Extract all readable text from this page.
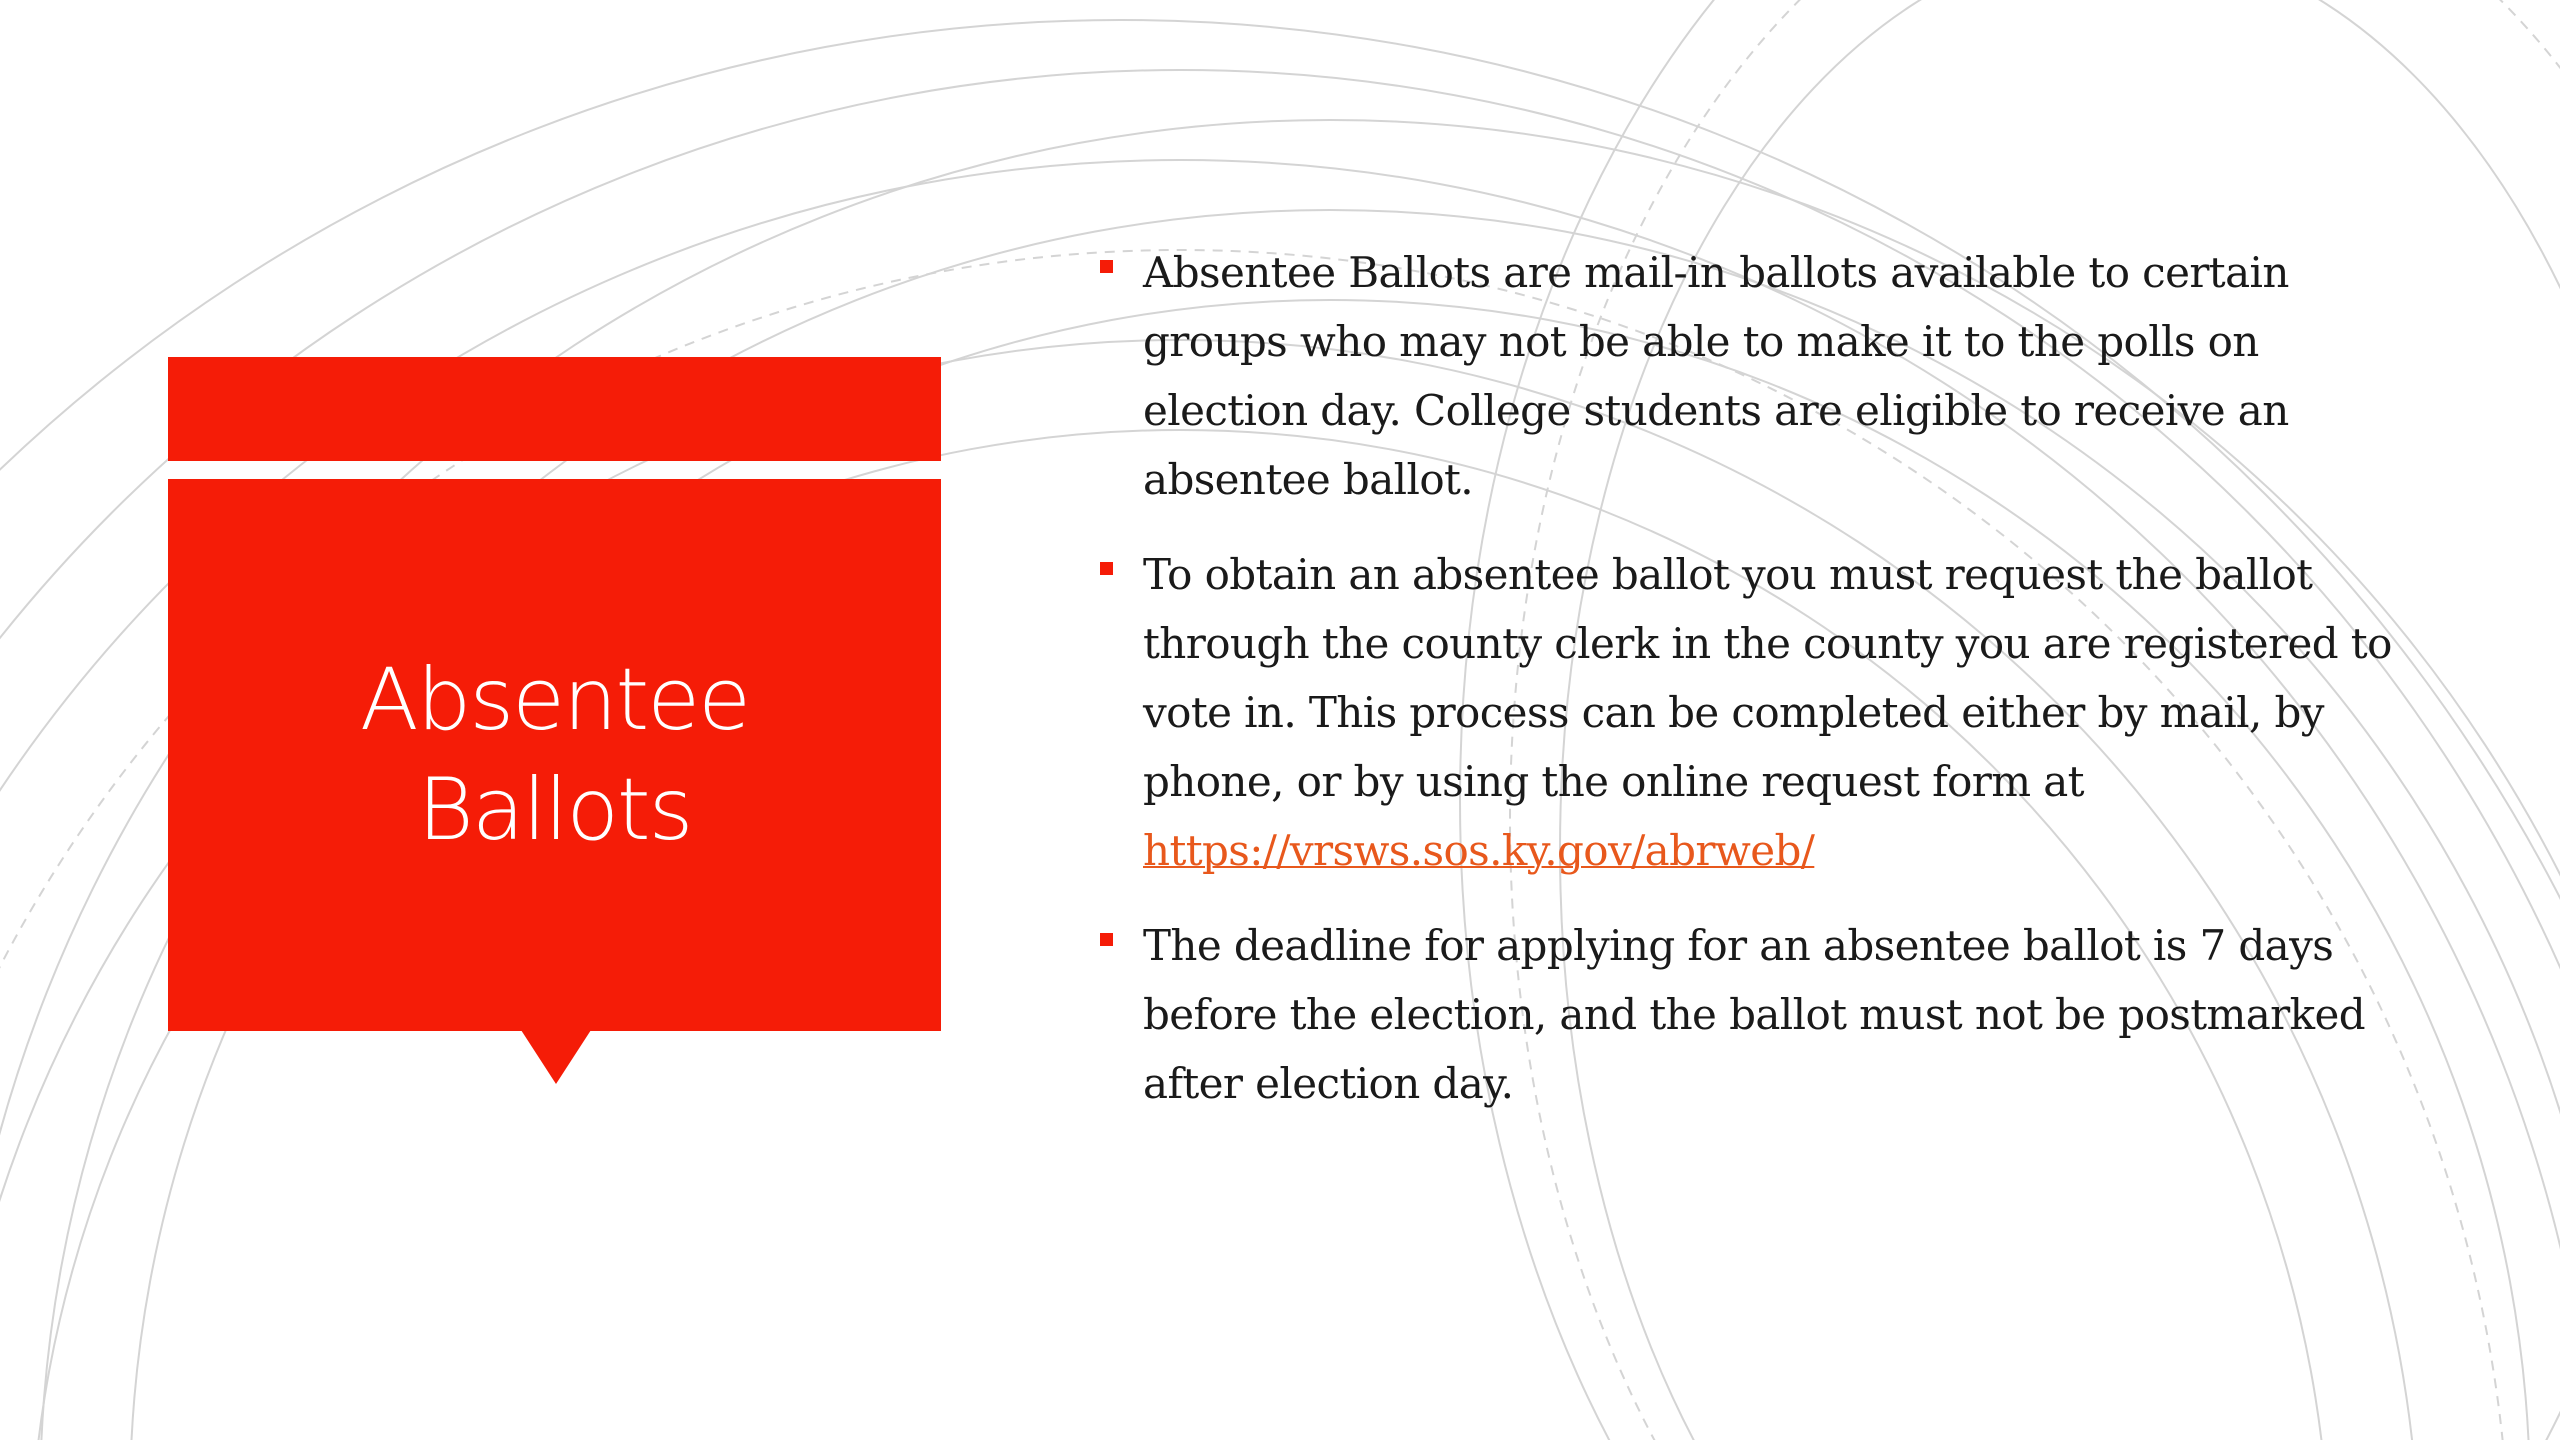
Absentee Ballots
Absentee Ballots are mail-in ballots available to certain groups who may not be able to make it to the polls on election day. College students are eligible to receive an absentee ballot.
To obtain an absentee ballot you must request the ballot through the county clerk in the county you are registered to vote in. This process can be completed either by mail, by phone, or by using the online request form at https://vrsws.sos.ky.gov/abrweb/
The deadline for applying for an absentee ballot is 7 days before the election, and the ballot must not be postmarked after election day.
